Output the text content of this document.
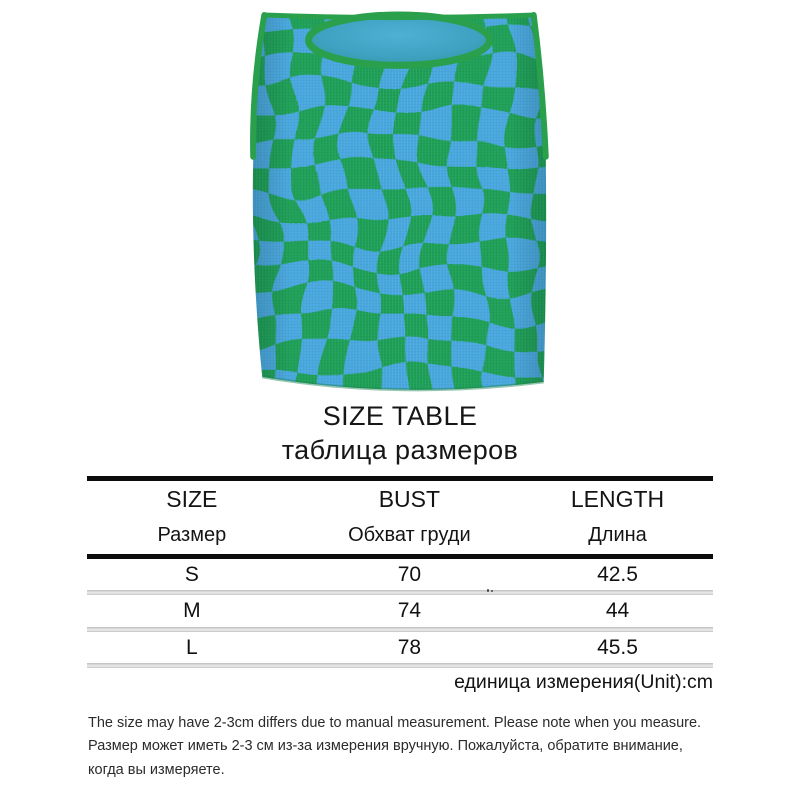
SIZE TABLE
таблица размеров
SIZE	BUST	LENGTH
Размер	Обхват груди	Длина
S	70	42.5
M	74	44
L	78	45.5
единица измерения(Unit):cm
The size may have 2-3cm differs due to manual measurement. Please note when you measure.
Размер может иметь 2-3 см из-за измерения вручную. Пожалуйста, обратите внимание, когда вы измеряете.
